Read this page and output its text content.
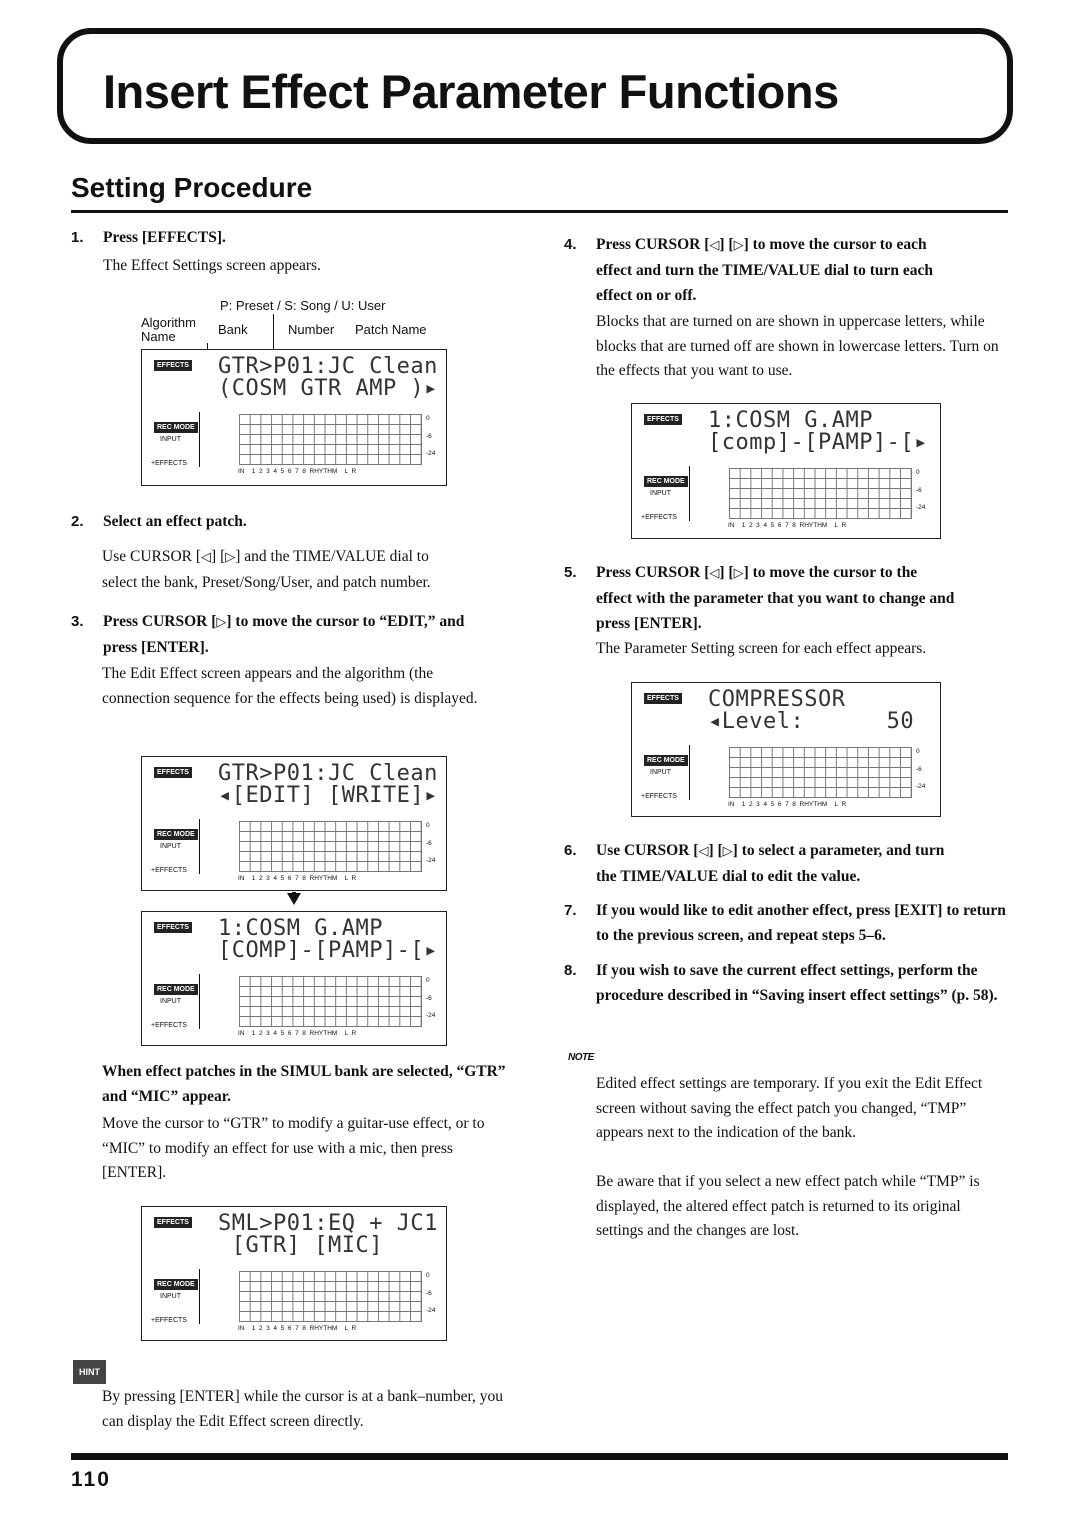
Insert Effect Parameter Functions
Setting Procedure
1. Press [EFFECTS].

The Effect Settings screen appears.
P: Preset / S: Song / U: User
Algorithm
Name	Bank	Number Patch Name
EFFECTS GTR>P01:JC Clean
(COSM GTR AMP )▸
REC MODE
INPUT
+EFFECTS
0
-6
-24
IN    1  2  3  4  5  6  7  8  RHYTHM    L  R
2. Select an effect patch.
Use CURSOR [◁] [▷] and the TIME/VALUE dial to
select the bank, Preset/Song/User, and patch number.
3. Press CURSOR [▷] to move the cursor to “EDIT,” and
press [ENTER].
The Edit Effect screen appears and the algorithm (the connection sequence for the effects being used) is displayed.
EFFECTS GTR>P01:JC Clean
◂[EDIT] [WRITE]▸
REC MODE
INPUT
+EFFECTS
0
-6
-24
IN    1  2  3  4  5  6  7  8  RHYTHM    L  R
EFFECTS 1:COSM G.AMP
[COMP]-[PAMP]-[▸
REC MODE
INPUT
+EFFECTS
0
-6
-24
IN    1  2  3  4  5  6  7  8  RHYTHM    L  R
When effect patches in the SIMUL bank are selected, “GTR” and “MIC” appear.
Move the cursor to “GTR” to modify a guitar-use effect, or to “MIC” to modify an effect for use with a mic, then press [ENTER].
EFFECTS SML>P01:EQ + JC1
[GTR] [MIC]
REC MODE
INPUT
+EFFECTS
0
-6
-24
IN    1  2  3  4  5  6  7  8  RHYTHM    L  R
HINT
By pressing [ENTER] while the cursor is at a bank–number, you can display the Edit Effect screen directly.
4. Press CURSOR [◁] [▷] to move the cursor to each
effect and turn the TIME/VALUE dial to turn each
effect on or off.
Blocks that are turned on are shown in uppercase letters, while blocks that are turned off are shown in lowercase letters. Turn on the effects that you want to use.
EFFECTS 1:COSM G.AMP
[comp]-[PAMP]-[▸
REC MODE
INPUT
+EFFECTS
0
-6
-24
IN    1  2  3  4  5  6  7  8  RHYTHM    L  R
5. Press CURSOR [◁] [▷] to move the cursor to the
effect with the parameter that you want to change and
press [ENTER].
The Parameter Setting screen for each effect appears.
EFFECTS COMPRESSOR
◂Level:      50
REC MODE
INPUT
+EFFECTS
0
-6
-24
IN    1  2  3  4  5  6  7  8  RHYTHM    L  R
6. Use CURSOR [◁] [▷] to select a parameter, and turn
the TIME/VALUE dial to edit the value.
7. If you would like to edit another effect, press [EXIT] to return to the previous screen, and repeat steps 5–6.
8. If you wish to save the current effect settings, perform the procedure described in “Saving insert effect settings” (p. 58).
NOTE
Edited effect settings are temporary. If you exit the Edit Effect screen without saving the effect patch you changed, “TMP” appears next to the indication of the bank.
Be aware that if you select a new effect patch while “TMP” is displayed, the altered effect patch is returned to its original settings and the changes are lost.
110
